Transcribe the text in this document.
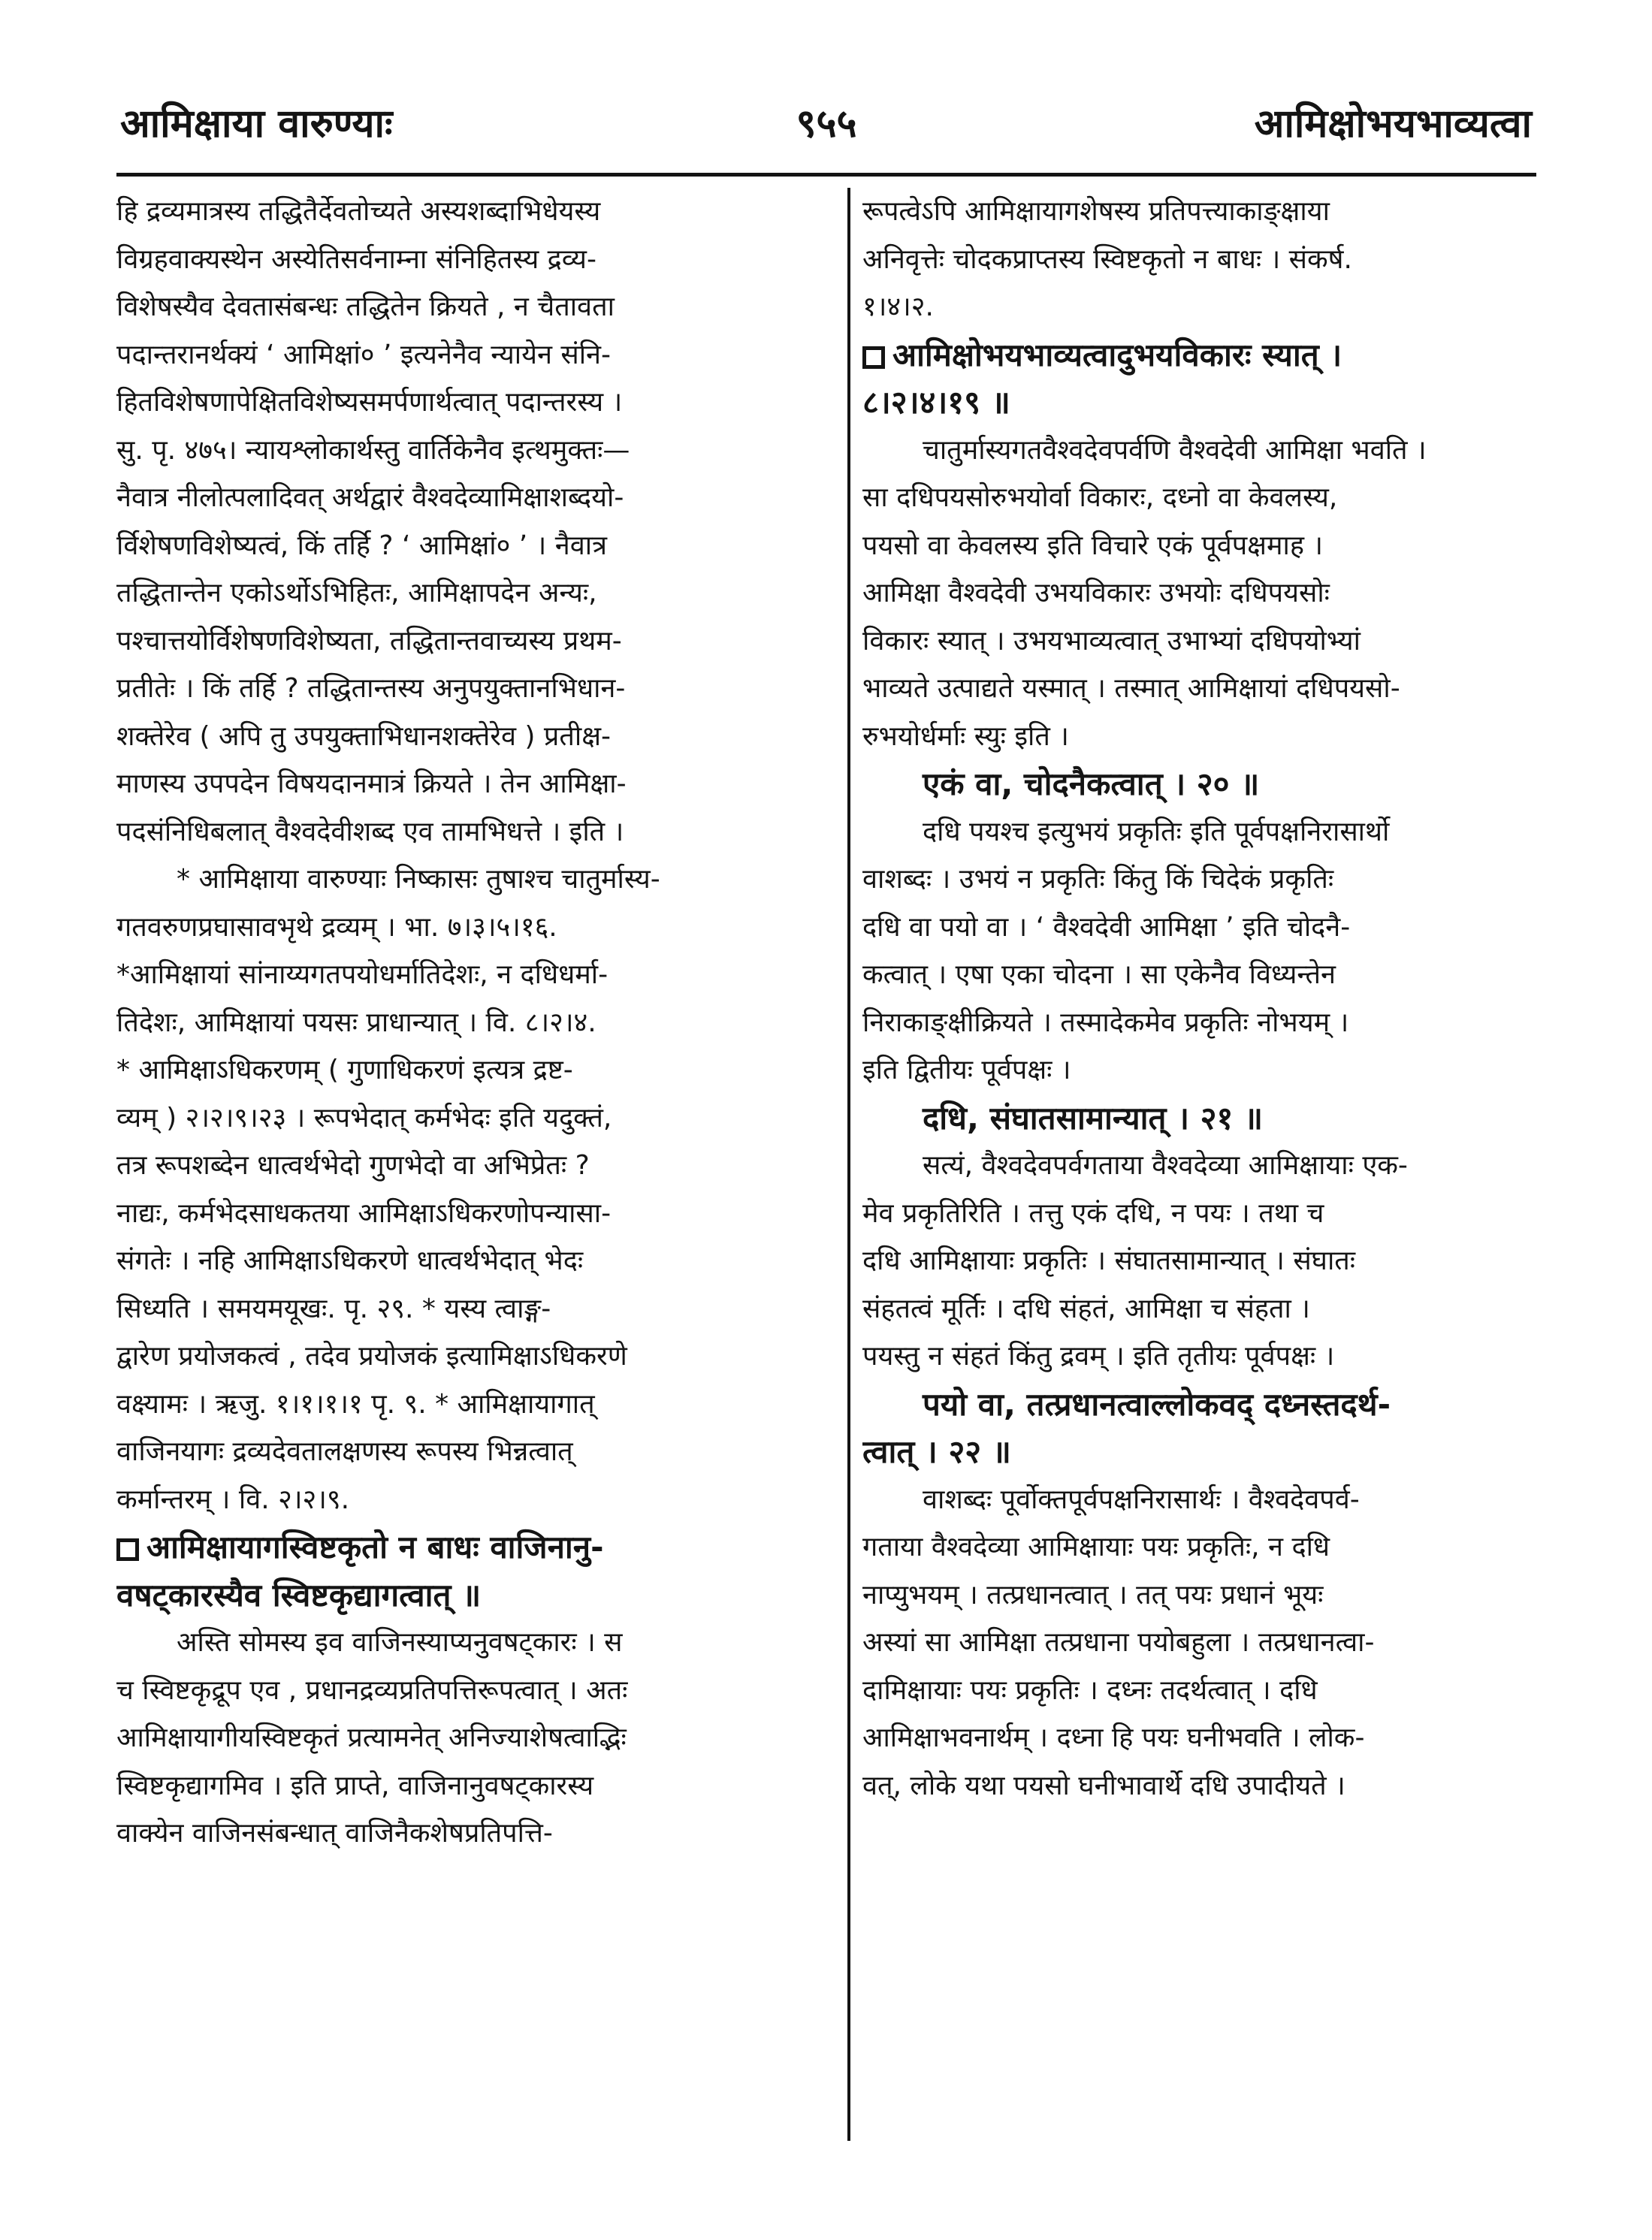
आमिक्षाया वारुण्याः	९५५	आमिक्षोभयभाव्यत्वा
हि द्रव्यमात्रस्य तद्धितैर्देवतोच्यते अस्यशब्दाभिधेयस्य
विग्रहवाक्यस्थेन अस्येतिसर्वनाम्ना संनिहितस्य द्रव्य-
विशेषस्यैव देवतासंबन्धः तद्धितेन क्रियते , न चैतावता
पदान्तरानर्थक्यं ‘ आमिक्षां० ’ इत्यनेनैव न्यायेन संनि-
हितविशेषणापेक्षितविशेष्यसमर्पणार्थत्वात् पदान्तरस्य ।
सु. पृ. ४७५। न्यायश्लोकार्थस्तु वार्तिकेनैव इत्थमुक्तः—
नैवात्र नीलोत्पलादिवत् अर्थद्वारं वैश्वदेव्यामिक्षाशब्दयो-
र्विशेषणविशेष्यत्वं, किं तर्हि ? ‘ आमिक्षां० ’ । नैवात्र
तद्धितान्तेन एकोऽर्थोऽभिहितः, आमिक्षापदेन अन्यः,
पश्चात्तयोर्विशेषणविशेष्यता, तद्धितान्तवाच्यस्य प्रथम-
प्रतीतेः । किं तर्हि ? तद्धितान्तस्य अनुपयुक्तानभिधान-
शक्तेरेव ( अपि तु उपयुक्ताभिधानशक्तेरेव ) प्रतीक्ष-
माणस्य उपपदेन विषयदानमात्रं क्रियते । तेन आमिक्षा-
पदसंनिधिबलात् वैश्वदेवीशब्द एव तामभिधत्ते । इति ।
* आमिक्षाया वारुण्याः निष्कासः तुषाश्च चातुर्मास्य-
गतवरुणप्रघासावभृथे द्रव्यम् । भा. ७।३।५।१६.
*आमिक्षायां सांनाय्यगतपयोधर्मातिदेशः, न दधिधर्मा-
तिदेशः, आमिक्षायां पयसः प्राधान्यात् । वि. ८।२।४.
* आमिक्षाऽधिकरणम् ( गुणाधिकरणं इत्यत्र द्रष्ट-
व्यम् ) २।२।९।२३ । रूपभेदात् कर्मभेदः इति यदुक्तं,
तत्र रूपशब्देन धात्वर्थभेदो गुणभेदो वा अभिप्रेतः ?
नाद्यः, कर्मभेदसाधकतया आमिक्षाऽधिकरणोपन्यासा-
संगतेः । नहि आमिक्षाऽधिकरणे धात्वर्थभेदात् भेदः
सिध्यति । समयमयूखः. पृ. २९. * यस्य त्वाङ्ग-
द्वारेण प्रयोजकत्वं , तदेव प्रयोजकं इत्यामिक्षाऽधिकरणे
वक्ष्यामः । ऋजु. १।१।१।१ पृ. ९. * आमिक्षायागात्
वाजिनयागः द्रव्यदेवतालक्षणस्य रूपस्य भिन्नत्वात्
कर्मान्तरम् । वि. २।२।९.
आमिक्षायागस्विष्टकृतो न बाधः वाजिनानु-
वषट्कारस्यैव स्विष्टकृद्यागत्वात् ॥
अस्ति सोमस्य इव वाजिनस्याप्यनुवषट्कारः । स
च स्विष्टकृद्रूप एव , प्रधानद्रव्यप्रतिपत्तिरूपत्वात् । अतः
आमिक्षायागीयस्विष्टकृतं प्रत्यामनेत् अनिज्याशेषत्वाद्भिः
स्विष्टकृद्यागमिव । इति प्राप्ते, वाजिनानुवषट्कारस्य
वाक्येन वाजिनसंबन्धात् वाजिनैकशेषप्रतिपत्ति-
रूपत्वेऽपि आमिक्षायागशेषस्य प्रतिपत्त्याकाङ्क्षाया
अनिवृत्तेः चोदकप्राप्तस्य स्विष्टकृतो न बाधः । संकर्ष.
१।४।२.
आमिक्षोभयभाव्यत्वादुभयविकारः स्यात् ।
८।२।४।१९ ॥
चातुर्मास्यगतवैश्वदेवपर्वणि वैश्वदेवी आमिक्षा भवति ।
सा दधिपयसोरुभयोर्वा विकारः, दध्नो वा केवलस्य,
पयसो वा केवलस्य इति विचारे एकं पूर्वपक्षमाह ।
आमिक्षा वैश्वदेवी उभयविकारः उभयोः दधिपयसोः
विकारः स्यात् । उभयभाव्यत्वात् उभाभ्यां दधिपयोभ्यां
भाव्यते उत्पाद्यते यस्मात् । तस्मात् आमिक्षायां दधिपयसो-
रुभयोर्धर्माः स्युः इति ।
एकं वा, चोदनैकत्वात् । २० ॥
दधि पयश्च इत्युभयं प्रकृतिः इति पूर्वपक्षनिरासार्थो
वाशब्दः । उभयं न प्रकृतिः किंतु किं चिदेकं प्रकृतिः
दधि वा पयो वा । ‘ वैश्वदेवी आमिक्षा ’ इति चोदनै-
कत्वात् । एषा एका चोदना । सा एकेनैव विध्यन्तेन
निराकाङ्क्षीक्रियते । तस्मादेकमेव प्रकृतिः नोभयम् ।
इति द्वितीयः पूर्वपक्षः ।
दधि, संघातसामान्यात् । २१ ॥
सत्यं, वैश्वदेवपर्वगताया वैश्वदेव्या आमिक्षायाः एक-
मेव प्रकृतिरिति । तत्तु एकं दधि, न पयः । तथा च
दधि आमिक्षायाः प्रकृतिः । संघातसामान्यात् । संघातः
संहतत्वं मूर्तिः । दधि संहतं, आमिक्षा च संहता ।
पयस्तु न संहतं किंतु द्रवम् । इति तृतीयः पूर्वपक्षः ।
पयो वा, तत्प्रधानत्वाल्लोकवद् दध्नस्तदर्थ-
त्वात् । २२ ॥
वाशब्दः पूर्वोक्तपूर्वपक्षनिरासार्थः । वैश्वदेवपर्व-
गताया वैश्वदेव्या आमिक्षायाः पयः प्रकृतिः, न दधि
नाप्युभयम् । तत्प्रधानत्वात् । तत् पयः प्रधानं भूयः
अस्यां सा आमिक्षा तत्प्रधाना पयोबहुला । तत्प्रधानत्वा-
दामिक्षायाः पयः प्रकृतिः । दध्नः तदर्थत्वात् । दधि
आमिक्षाभवनार्थम् । दध्ना हि पयः घनीभवति । लोक-
वत्, लोके यथा पयसो घनीभावार्थे दधि उपादीयते ।
